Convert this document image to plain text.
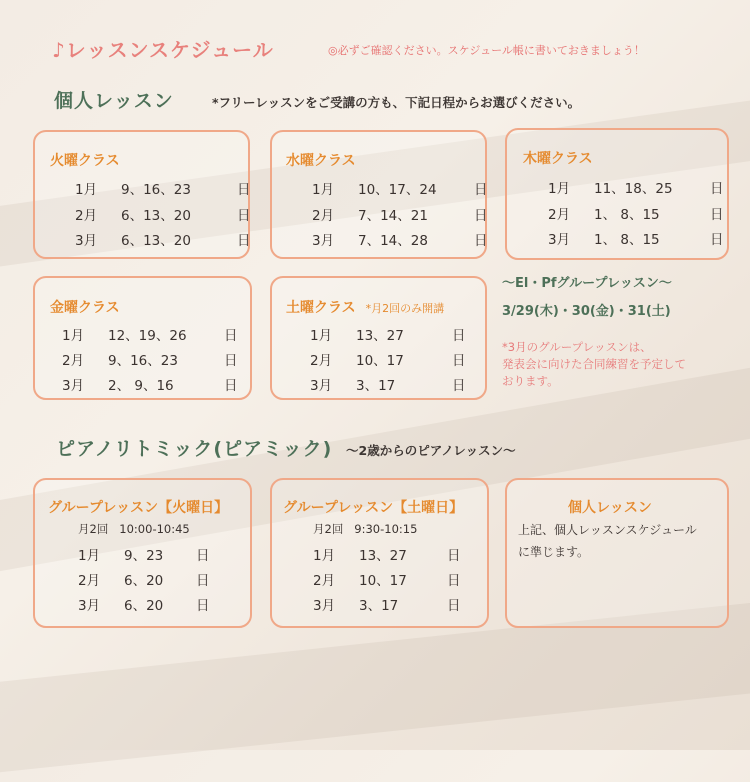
♪レッスンスケジュール	◎必ずご確認ください。スケジュール帳に書いておきましょう！
個人レッスン	*フリーレッスンをご受講の方も、下記日程からお選びください。
火曜クラス
1月	9、16、23	日
2月	6、13、20	日
3月	6、13、20	日
水曜クラス
1月	10、17、24	日
2月	7、14、21	日
3月	7、14、28	日
木曜クラス
1月	11、18、25	日
2月	1、 8、15	日
3月	1、 8、15	日
金曜クラス
1月	12、19、26	日
2月	9、16、23	日
3月	2、 9、16	日
土曜クラス *月2回のみ開講
1月	13、27	日
2月	10、17	日
3月	3、17	日
〜El・Pfグループレッスン〜
3/29(木)・30(金)・31(土)
*3月のグループレッスンは、
発表会に向けた合同練習を予定して
おります。
ピアノリトミック(ピアミック) 〜2歳からのピアノレッスン〜
グループレッスン【火曜日】
月2回 10:00-10:45
1月	9、23	日
2月	6、20	日
3月	6、20	日
グループレッスン【土曜日】
月2回 9:30-10:15
1月	13、27	日
2月	10、17	日
3月	3、17	日
個人レッスン
上記、個人レッスンスケジュール
に準じます。
